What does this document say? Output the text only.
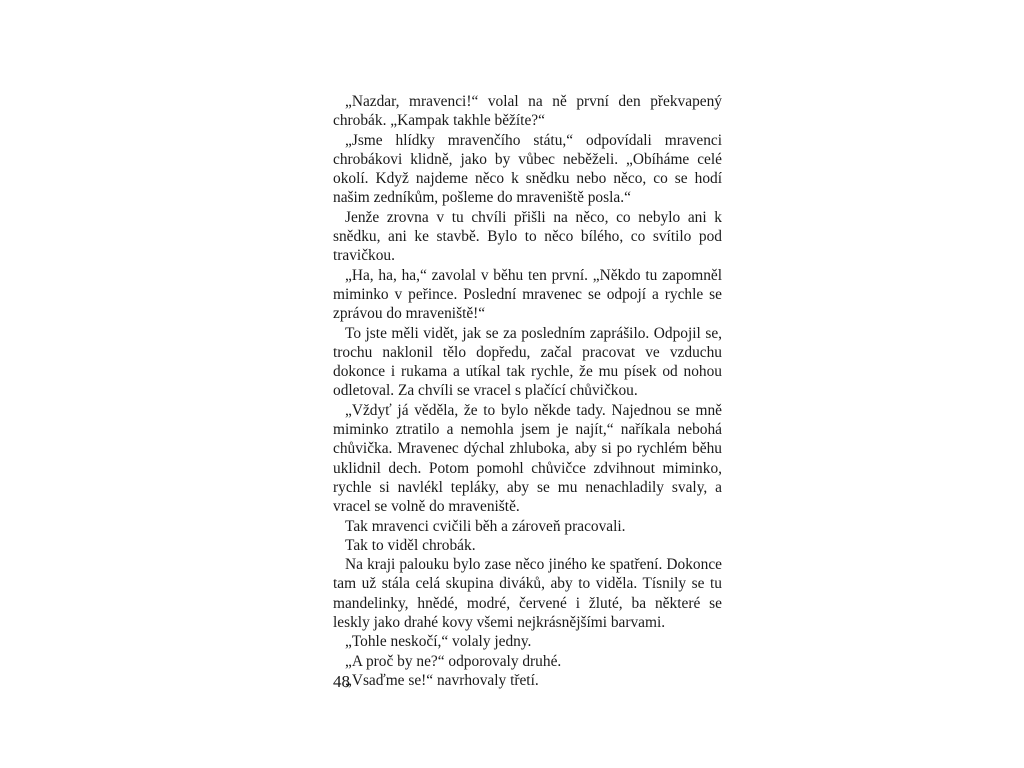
„Nazdar, mravenci!“ volal na ně první den překvapený chrobák. „Kampak takhle běžíte?“

„Jsme hlídky mravenčího státu,“ odpovídali mravenci chrobákovi klidně, jako by vůbec neběželi. „Obíháme celé okolí. Když najdeme něco k snědku nebo něco, co se hodí našim zedníkům, pošleme do mraveniště posla.“

Jenže zrovna v tu chvíli přišli na něco, co nebylo ani k snědku, ani ke stavbě. Bylo to něco bílého, co svítilo pod travičkou.

„Ha, ha, ha,“ zavolal v běhu ten první. „Někdo tu zapomněl miminko v peřince. Poslední mravenec se odpojí a rychle se zprávou do mraveniště!“

To jste měli vidět, jak se za posledním zaprášilo. Odpojil se, trochu naklonil tělo dopředu, začal pracovat ve vzduchu dokonce i rukama a utíkal tak rychle, že mu písek od nohou odletoval. Za chvíli se vracel s plačící chůvičkou.

„Vždyť já věděla, že to bylo někde tady. Najednou se mně miminko ztratilo a nemohla jsem je najít,“ naříkala nebohá chůvička. Mravenec dýchal zhluboka, aby si po rychlém běhu uklidnil dech. Potom pomohl chůvičce zdvihnout miminko, rychle si navlékl tepláky, aby se mu nenachladily svaly, a vracel se volně do mraveniště.

Tak mravenci cvičili běh a zároveň pracovali.

Tak to viděl chrobák.

Na kraji palouku bylo zase něco jiného ke spatření. Dokonce tam už stála celá skupina diváků, aby to viděla. Tísnily se tu mandelinky, hnědé, modré, červené i žluté, ba některé se leskly jako drahé kovy všemi nejkrásnějšími barvami.

„Tohle neskočí,“ volaly jedny.

„A proč by ne?“ odporovaly druhé.

„Vsaďme se!“ navrhovaly třetí.

48
